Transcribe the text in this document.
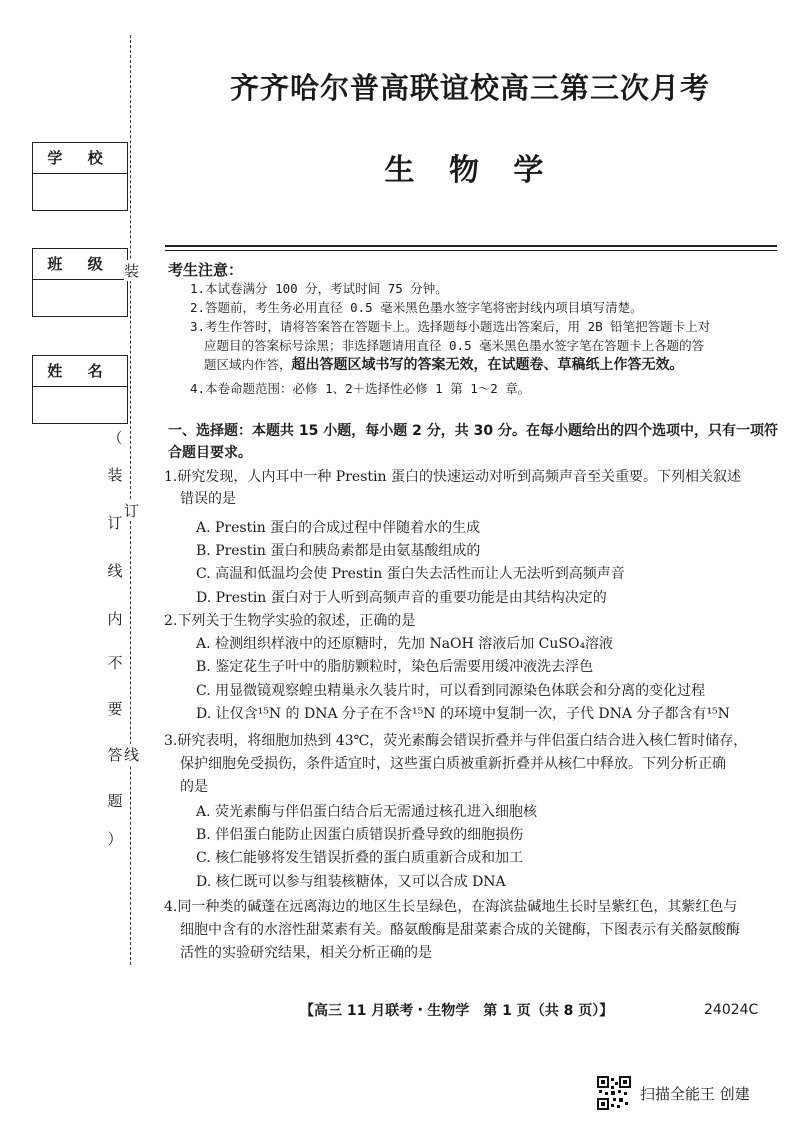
学 校
班 级
姓 名
装
订
线
（
装
订
线
内
不
要
答
题
）
齐齐哈尔普高联谊校高三第三次月考
生 物 学
考生注意：
1.本试卷满分 100 分，考试时间 75 分钟。
2.答题前，考生务必用直径 0.5 毫米黑色墨水签字笔将密封线内项目填写清楚。
3.考生作答时，请将答案答在答题卡上。选择题每小题选出答案后，用 2B 铅笔把答题卡上对
应题目的答案标号涂黑；非选择题请用直径 0.5 毫米黑色墨水签字笔在答题卡上各题的答
题区域内作答，超出答题区域书写的答案无效，在试题卷、草稿纸上作答无效。
4.本卷命题范围：必修 1、2＋选择性必修 1 第 1～2 章。
一、选择题：本题共 15 小题，每小题 2 分，共 30 分。在每小题给出的四个选项中，只有一项符合 题目要求。
1.研究发现，人内耳中一种 Prestin 蛋白的快速运动对听到高频声音至关重要。下列相关叙述
错误的是
A. Prestin 蛋白的合成过程中伴随着水的生成
B. Prestin 蛋白和胰岛素都是由氨基酸组成的
C. 高温和低温均会使 Prestin 蛋白失去活性而让人无法听到高频声音
D. Prestin 蛋白对于人听到高频声音的重要功能是由其结构决定的
2.下列关于生物学实验的叙述，正确的是
A. 检测组织样液中的还原糖时，先加 NaOH 溶液后加 CuSO₄溶液
B. 鉴定花生子叶中的脂肪颗粒时，染色后需要用缓冲液洗去浮色
C. 用显微镜观察蝗虫精巢永久装片时，可以看到同源染色体联会和分离的变化过程
D. 让仅含¹⁵N 的 DNA 分子在不含¹⁵N 的环境中复制一次，子代 DNA 分子都含有¹⁵N
3.研究表明，将细胞加热到 43℃，荧光素酶会错误折叠并与伴侣蛋白结合进入核仁暂时储存，
保护细胞免受损伤，条件适宜时，这些蛋白质被重新折叠并从核仁中释放。下列分析正确
的是
A. 荧光素酶与伴侣蛋白结合后无需通过核孔进入细胞核
B. 伴侣蛋白能防止因蛋白质错误折叠导致的细胞损伤
C. 核仁能够将发生错误折叠的蛋白质重新合成和加工
D. 核仁既可以参与组装核糖体，又可以合成 DNA
4.同一种类的碱蓬在远离海边的地区生长呈绿色，在海滨盐碱地生长时呈紫红色，其紫红色与
细胞中含有的水溶性甜菜素有关。酪氨酸酶是甜菜素合成的关键酶，下图表示有关酪氨酸酶
活性的实验研究结果，相关分析正确的是
【高三 11 月联考・生物学　第 1 页（共 8 页）】	24024C
扫描全能王 创建
